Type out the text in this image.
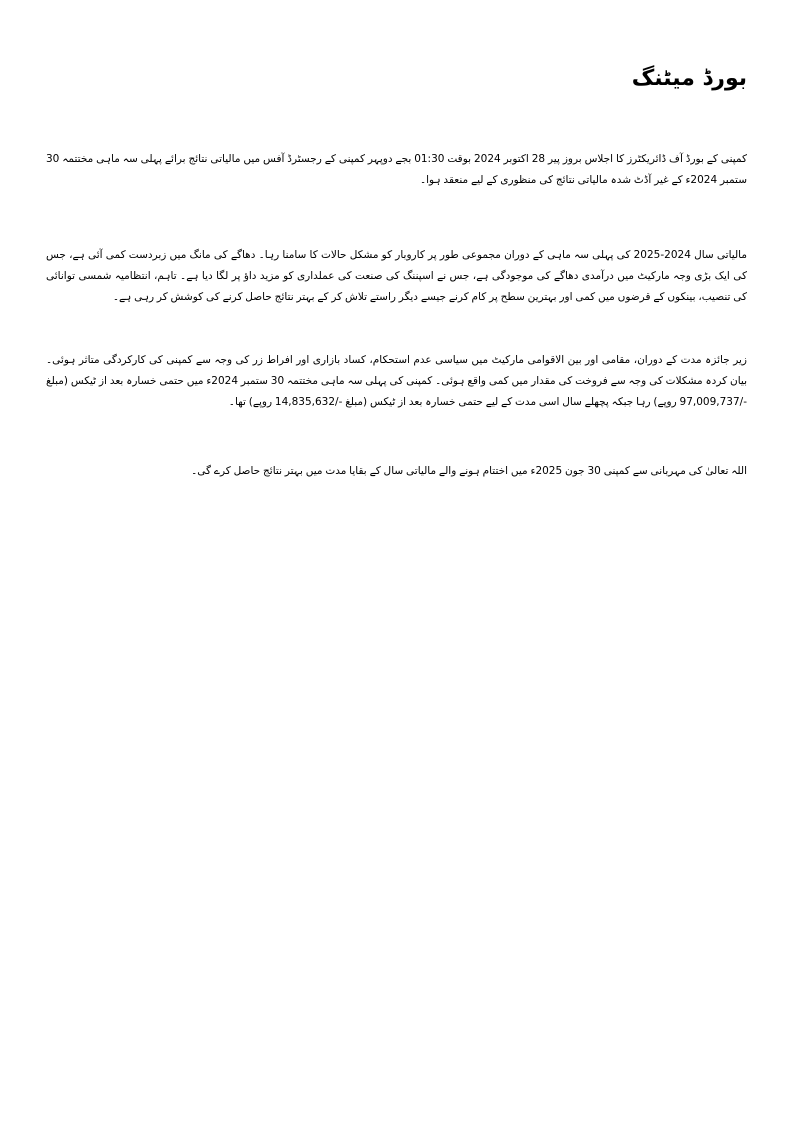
بورڈ میٹنگ

کمپنی کے بورڈ آف ڈائریکٹرز کا اجلاس بروز پیر 28 اکتوبر 2024 بوقت 01:30 بجے دوپہر کمپنی کے رجسٹرڈ آفس میں مالیاتی نتائج برائے پہلی سہ ماہی مختتمہ 30 ستمبر 2024ء کے غیر آڈٹ شدہ مالیاتی نتائج کی منظوری کے لیے منعقد ہوا۔

مالیاتی سال 2024-2025 کی پہلی سہ ماہی کے دوران مجموعی طور پر کاروبار کو مشکل حالات کا سامنا رہا۔ دھاگے کی مانگ میں زبردست کمی آئی ہے، جس کی ایک بڑی وجہ مارکیٹ میں درآمدی دھاگے کی موجودگی ہے، جس نے اسپننگ کی صنعت کی عملداری کو مزید داؤ پر لگا دیا ہے۔ تاہم، انتظامیہ شمسی توانائی کی تنصیب، بینکوں کے قرضوں میں کمی اور بہترین سطح پر کام کرنے جیسے دیگر راستے تلاش کر کے بہتر نتائج حاصل کرنے کی کوشش کر رہی ہے۔

زیر جائزہ مدت کے دوران، مقامی اور بین الاقوامی مارکیٹ میں سیاسی عدم استحکام، کساد بازاری اور افراط زر کی وجہ سے کمپنی کی کارکردگی متاثر ہوئی۔ بیان کردہ مشکلات کی وجہ سے فروخت کی مقدار میں کمی واقع ہوئی۔ کمپنی کی پہلی سہ ماہی مختتمہ 30 ستمبر 2024ء میں حتمی خسارہ بعد از ٹیکس (مبلغ -/97,009,737 روپے) رہا جبکہ پچھلے سال اسی مدت کے لیے حتمی خسارہ بعد از ٹیکس (مبلغ -/14,835,632 روپے) تھا۔

اللہ تعالیٰ کی مہربانی سے کمپنی 30 جون 2025ء میں اختتام ہونے والے مالیاتی سال کے بقایا مدت میں بہتر نتائج حاصل کرے گی۔
